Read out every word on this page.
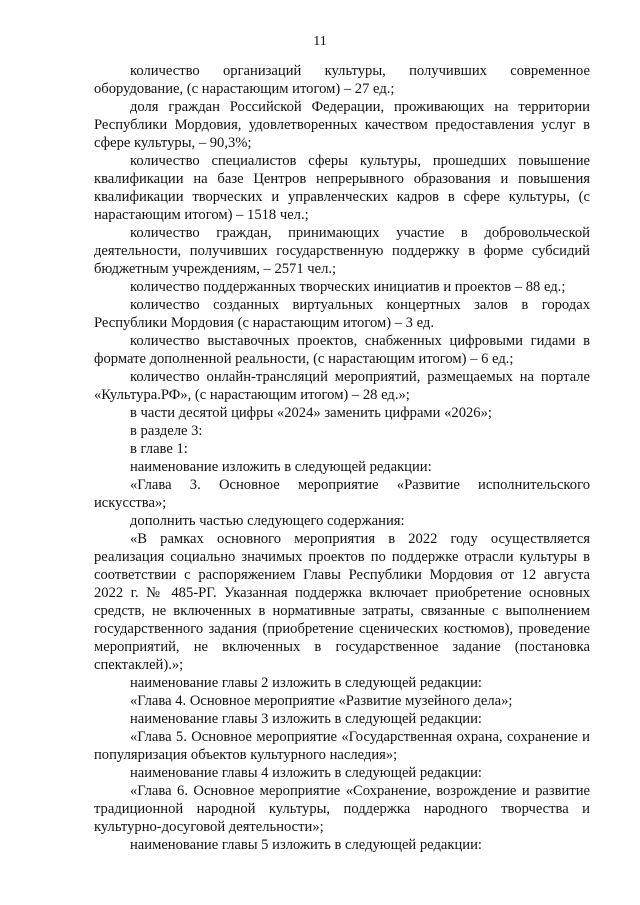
11

количество организаций культуры, получивших современное оборудование, (с нарастающим итогом) – 27 ед.;

доля граждан Российской Федерации, проживающих на территории Республики Мордовия, удовлетворенных качеством предоставления услуг в сфере культуры, – 90,3%;

количество специалистов сферы культуры, прошедших повышение квалификации на базе Центров непрерывного образования и повышения квалификации творческих и управленческих кадров в сфере культуры, (с нарастающим итогом) – 1518 чел.;

количество граждан, принимающих участие в добровольческой деятельности, получивших государственную поддержку в форме субсидий бюджетным учреждениям, – 2571 чел.;

количество поддержанных творческих инициатив и проектов – 88 ед.;

количество созданных виртуальных концертных залов в городах Республики Мордовия (с нарастающим итогом) – 3 ед.

количество выставочных проектов, снабженных цифровыми гидами в формате дополненной реальности, (с нарастающим итогом) – 6 ед.;

количество онлайн-трансляций мероприятий, размещаемых на портале «Культура.РФ», (с нарастающим итогом) – 28 ед.»;

в части десятой цифры «2024» заменить цифрами «2026»;

в разделе 3:

в главе 1:

наименование изложить в следующей редакции:

«Глава 3. Основное мероприятие «Развитие исполнительского искусства»;

дополнить частью следующего содержания:

«В рамках основного мероприятия в 2022 году осуществляется реализация социально значимых проектов по поддержке отрасли культуры в соответствии с распоряжением Главы Республики Мордовия от 12 августа 2022 г. № 485-РГ. Указанная поддержка включает приобретение основных средств, не включенных в нормативные затраты, связанные с выполнением государственного задания (приобретение сценических костюмов), проведение мероприятий, не включенных в государственное задание (постановка спектаклей).»;

наименование главы 2 изложить в следующей редакции:

«Глава 4. Основное мероприятие «Развитие музейного дела»;

наименование главы 3 изложить в следующей редакции:

«Глава 5. Основное мероприятие «Государственная охрана, сохранение и популяризация объектов культурного наследия»;

наименование главы 4 изложить в следующей редакции:

«Глава 6. Основное мероприятие «Сохранение, возрождение и развитие традиционной народной культуры, поддержка народного творчества и культурно-досуговой деятельности»;

наименование главы 5 изложить в следующей редакции:
